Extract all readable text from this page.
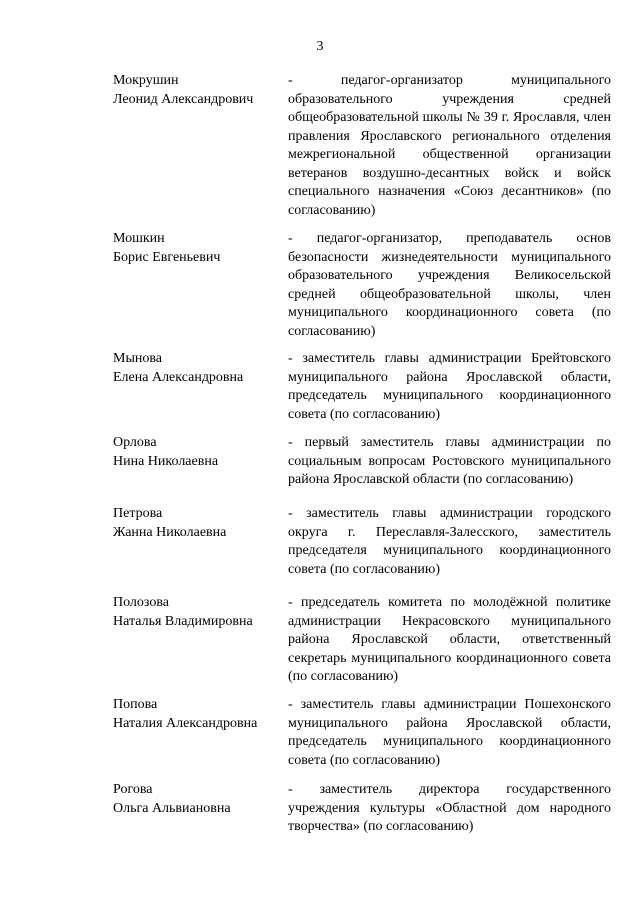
3
Мокрушин
Леонид Александрович
- педагог-организатор муниципального образовательного учреждения средней общеобразовательной школы № 39 г. Ярославля, член правления Ярославского регионального отделения межрегиональной общественной организации ветеранов воздушно-десантных войск и войск специального назначения «Союз десантников» (по согласованию)
Мошкин
Борис Евгеньевич
- педагог-организатор, преподаватель основ безопасности жизнедеятельности муниципального образовательного учреждения Великосельской средней общеобразовательной школы, член муниципального координационного совета (по согласованию)
Мынова
Елена Александровна
- заместитель главы администрации Брейтовского муниципального района Ярославской области, председатель муниципального координационного совета (по согласованию)
Орлова
Нина Николаевна
- первый заместитель главы администрации по социальным вопросам Ростовского муниципального района Ярославской области (по согласованию)
Петрова
Жанна Николаевна
- заместитель главы администрации городского округа г. Переславля-Залесского, заместитель председателя муниципального координационного совета (по согласованию)
Полозова
Наталья Владимировна
- председатель комитета по молодёжной политике администрации Некрасовского муниципального района Ярославской области, ответственный секретарь муниципального координационного совета (по согласованию)
Попова
Наталия Александровна
- заместитель главы администрации Пошехонского муниципального района Ярославской области, председатель муниципального координационного совета (по согласованию)
Рогова
Ольга Альвиановна
- заместитель директора государственного учреждения культуры «Областной дом народного творчества» (по согласованию)
